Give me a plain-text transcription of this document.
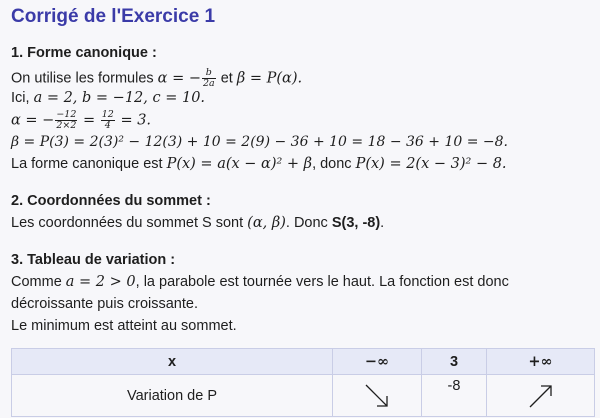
Corrigé de l'Exercice 1
1. Forme canonique :
On utilise les formules α = − $\frac{b}{2a}$ et β = P(α).
Ici, a = 2, b = −12, c = 10.
α = − $\frac{-12}{2\times 2} = \frac{12}{4} = 3$.
β = P(3) = 2(3)² − 12(3) + 10 = 2(9) − 36 + 10 = 18 − 36 + 10 = −8.
La forme canonique est P(x) = a(x − α)² + β, donc P(x) = 2(x − 3)² − 8.
2. Coordonnées du sommet :
Les coordonnées du sommet S sont (α, β). Donc S(3, -8).
3. Tableau de variation :
Comme a = 2 > 0, la parabole est tournée vers le haut. La fonction est donc
décroissante puis croissante.
Le minimum est atteint au sommet.
x	−∞	3	+∞
Variation de P		-8	
